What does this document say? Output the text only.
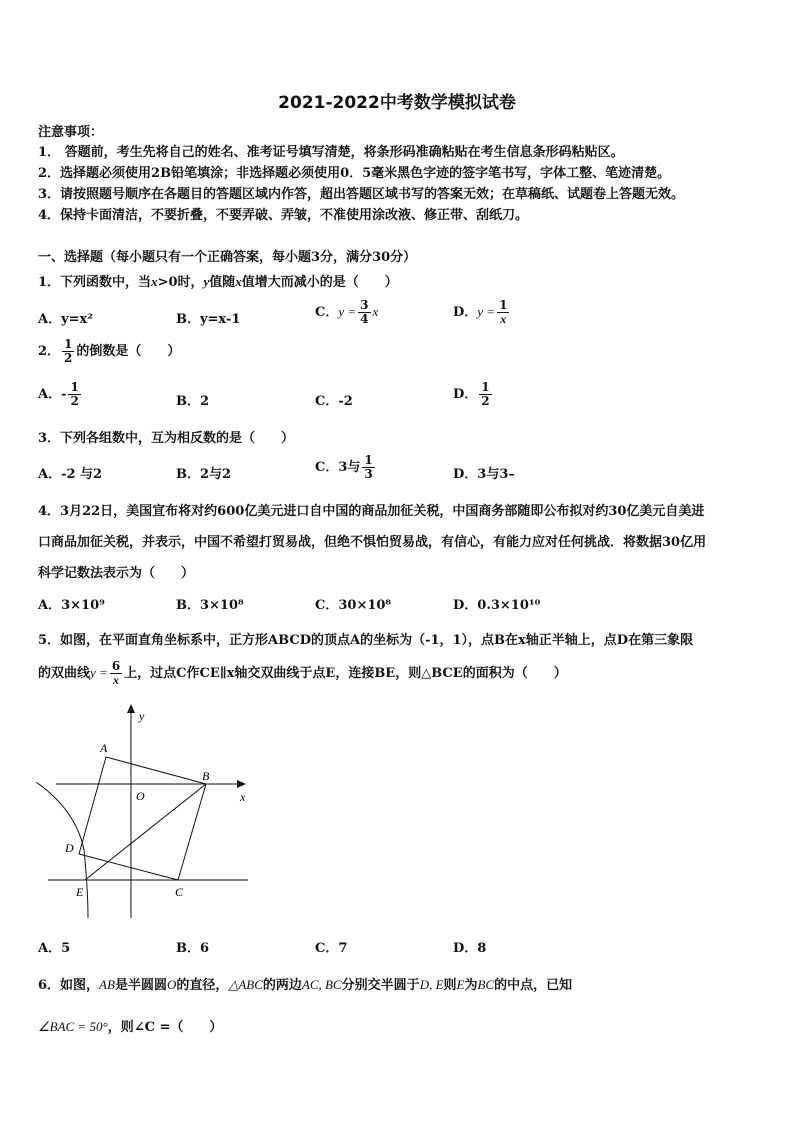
2021-2022中考数学模拟试卷
注意事项：
1． 答题前，考生先将自己的姓名、准考证号填写清楚，将条形码准确粘贴在考生信息条形码粘贴区。
2．选择题必须使用2B铅笔填涂；非选择题必须使用0．5毫米黑色字迹的签字笔书写，字体工整、笔迹清楚。
3．请按照题号顺序在各题目的答题区域内作答，超出答题区域书写的答案无效；在草稿纸、试题卷上答题无效。
4．保持卡面清洁，不要折叠，不要弄破、弄皱，不准使用涂改液、修正带、刮纸刀。
一、选择题（每小题只有一个正确答案，每小题3分，满分30分）
1．下列函数中，当x>0时，y值随x值增大而减小的是（　　）
A．y=x²	B．y=x-1	C．$y = \frac{3}{4}$ x	D．$y = \frac{1}{x}$
2． $\frac{1}{2}$ 的倒数是（　　）
A．- $\frac{1}{2}$	B．2	C．-2	D． $\frac{1}{2}$
3．下列各组数中，互为相反数的是（　　）
A．-2 与2	B．2与2	C．3与 $\frac{1}{3}$	D．3与3–
4．3月22日，美国宣布将对约600亿美元进口自中国的商品加征关税，中国商务部随即公布拟对约30亿美元自美进
口商品加征关税，并表示，中国不希望打贸易战，但绝不惧怕贸易战，有信心，有能力应对任何挑战．将数据30亿用
科学记数法表示为（　　）
A．3×10⁹	B．3×10⁸	C．30×10⁸	D．0.3×10¹⁰
5．如图，在平面直角坐标系中，正方形ABCD的顶点A的坐标为（-1，1），点B在x轴正半轴上，点D在第三象限
的双曲线$y = \frac{6}{x}$ 上，过点C作CE∥x轴交双曲线于点E，连接BE，则△BCE的面积为（　　）
y
x
O
A
B
C
D
E
A．5	B．6	C．7	D．8
6．如图，AB是半圆圆O的直径，△ABC的两边AC, BC分别交半圆于D, E则E为BC的中点，已知
∠BAC = 50°，则∠C =（　　）
